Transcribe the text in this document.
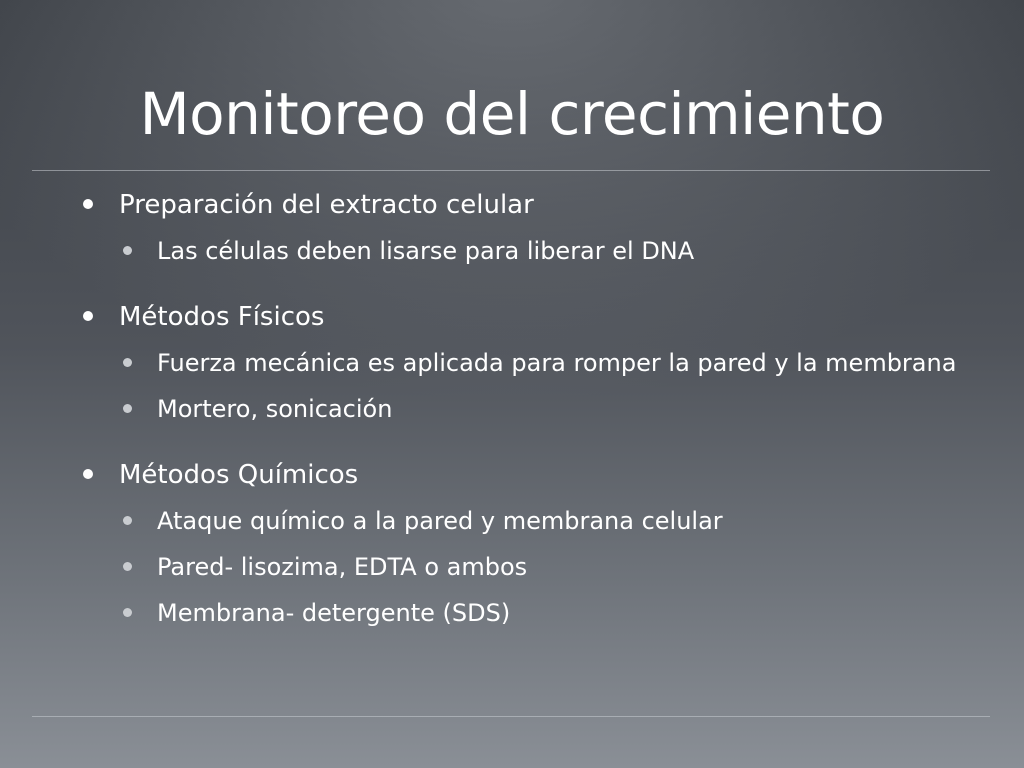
Monitoreo del crecimiento
Preparación del extracto celular
Las células deben lisarse para liberar el DNA
Métodos Físicos
Fuerza mecánica es aplicada para romper la pared y la membrana
Mortero, sonicación
Métodos Químicos
Ataque químico a la pared y membrana celular
Pared- lisozima, EDTA o ambos
Membrana- detergente (SDS)
